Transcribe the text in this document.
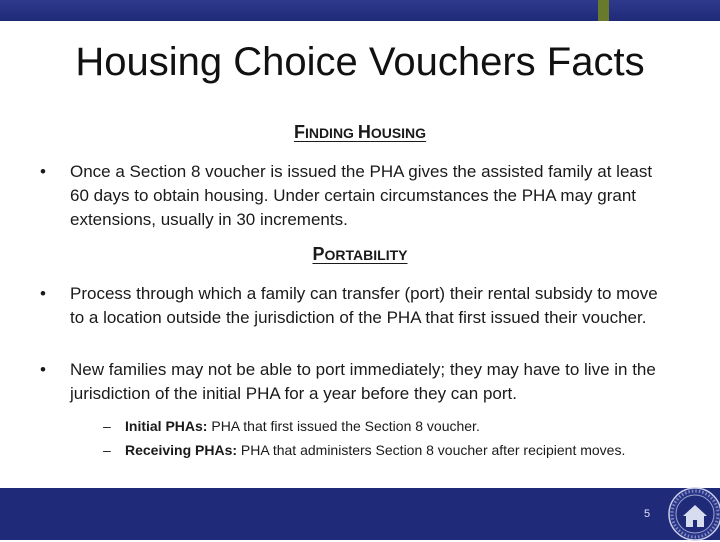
Housing Choice Vouchers Facts
FINDING HOUSING
•	Once a Section 8 voucher is issued the PHA gives the assisted family at least 60 days to obtain housing. Under certain circumstances the PHA may grant extensions, usually in 30 increments.
PORTABILITY
•	Process through which a family can transfer (port) their rental subsidy to move to a location outside the jurisdiction of the PHA that first issued their voucher.
•	New families may not be able to port immediately; they may have to live in the jurisdiction of the initial PHA for a year before they can port.
– Initial PHAs: PHA that first issued the Section 8 voucher.
– Receiving PHAs: PHA that administers Section 8 voucher after recipient moves.
5
